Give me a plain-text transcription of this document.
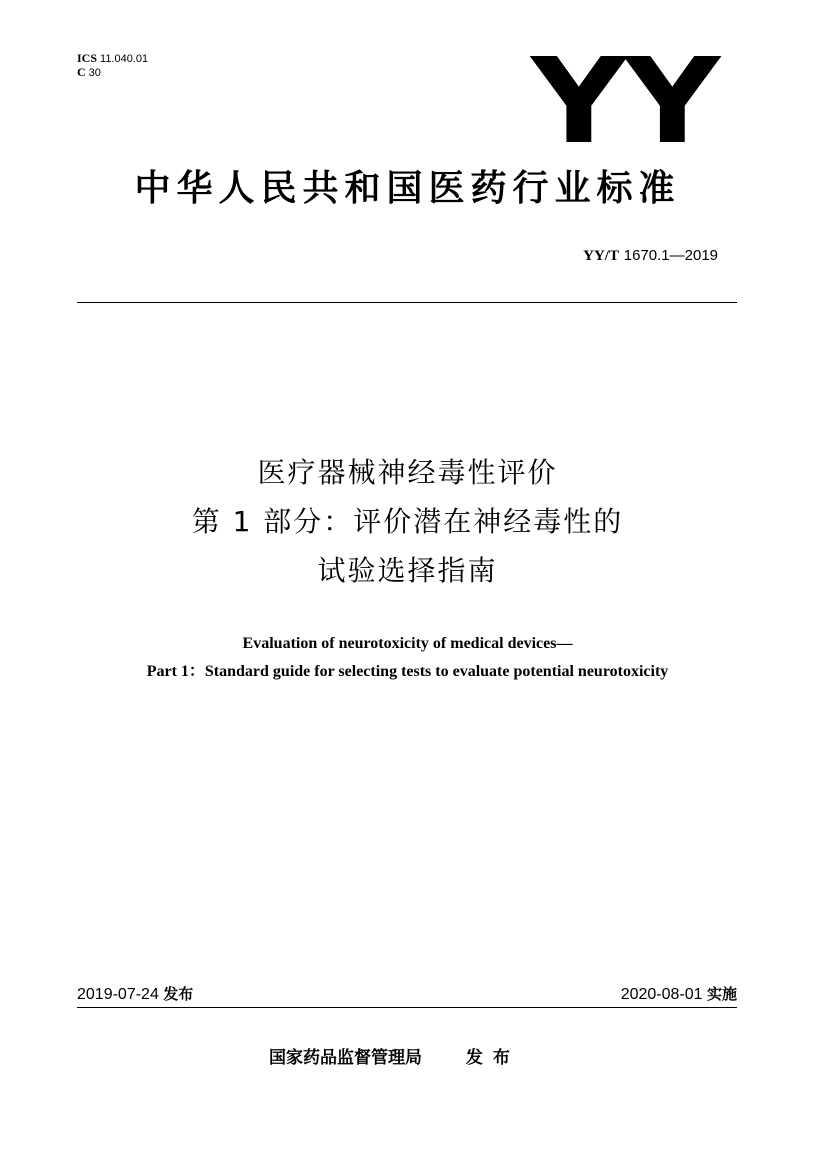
ICS 11.040.01
C 30	YY
中华人民共和国医药行业标准
YY/T 1670.1—2019
医疗器械神经毒性评价
第 1 部分：评价潜在神经毒性的
试验选择指南
Evaluation of neurotoxicity of medical devices—
Part 1：Standard guide for selecting tests to evaluate potential neurotoxicity
2019-07-24 发布	2020-08-01 实施
国家药品监督管理局	发布
